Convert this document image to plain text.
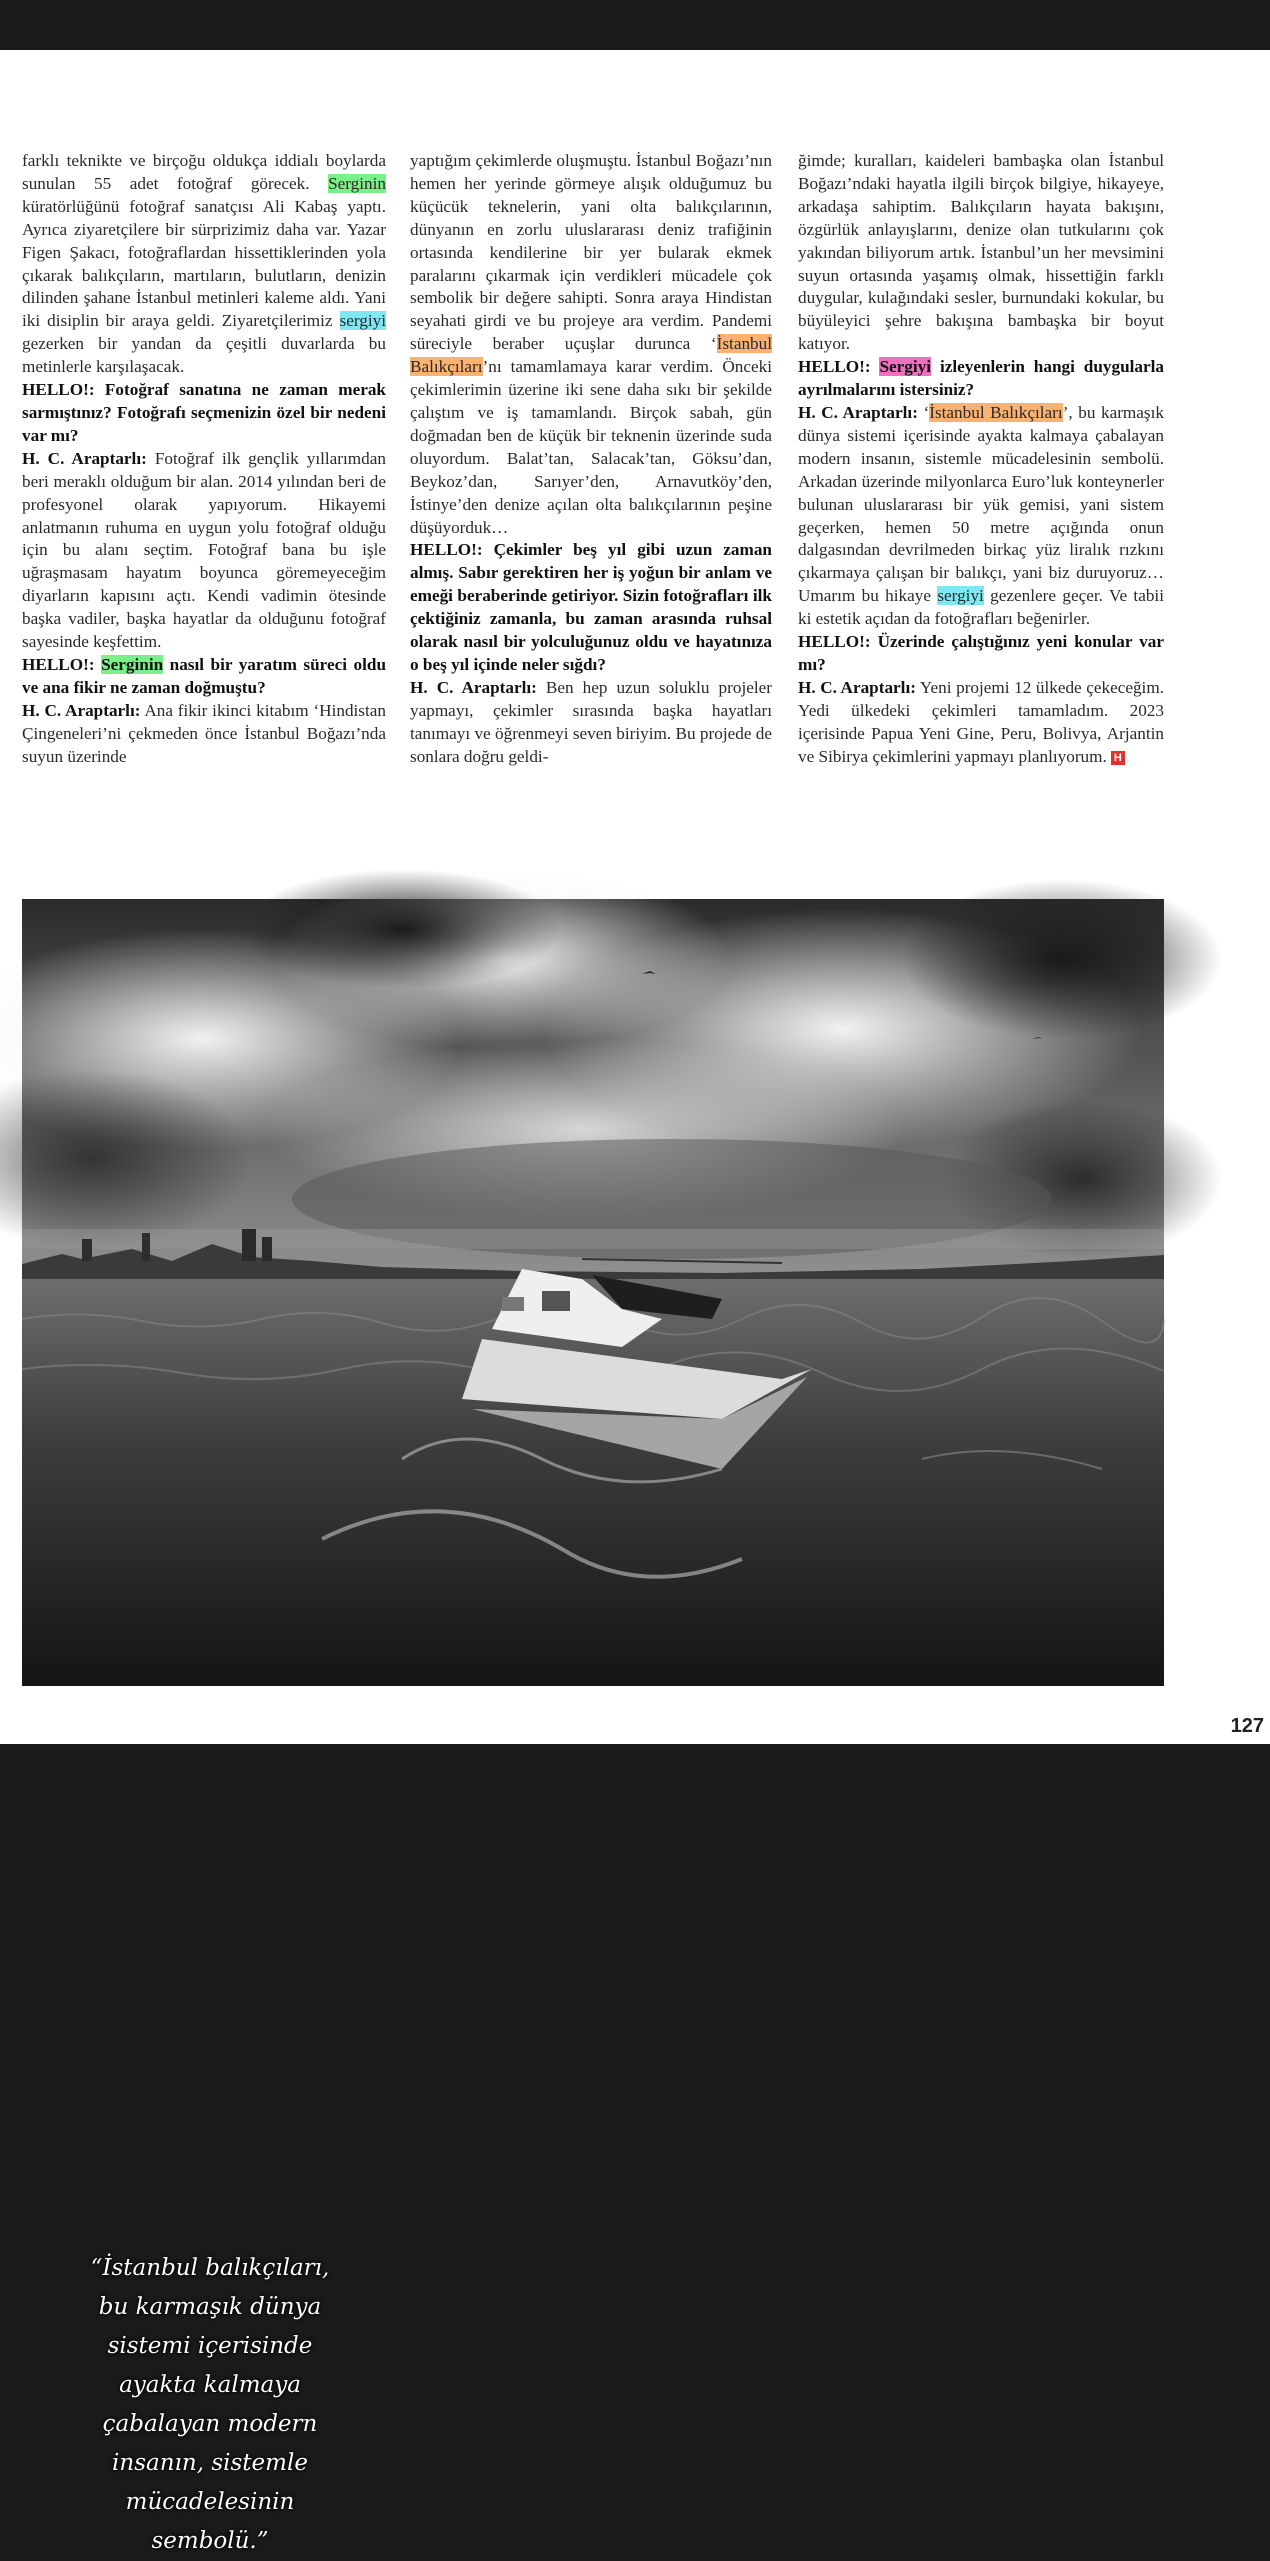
farklı teknikte ve birçoğu oldukça iddialı boylarda sunulan 55 adet fotoğraf görecek. Serginin küratörlüğünü fotoğraf sanatçısı Ali Kabaş yaptı. Ayrıca ziyaretçilere bir sürprizimiz daha var. Yazar Figen Şakacı, fotoğraflardan hissettiklerinden yola çıkarak balıkçıların, martıların, bulutların, denizin dilinden şahane İstanbul metinleri kaleme aldı. Yani iki disiplin bir araya geldi. Ziyaretçilerimiz sergiyi gezerken bir yandan da çeşitli duvarlarda bu metinlerle karşılaşacak.

HELLO!: Fotoğraf sanatına ne zaman merak sarmıştınız? Fotoğrafı seçmenizin özel bir nedeni var mı?

H. C. Araptarlı: Fotoğraf ilk gençlik yıllarımdan beri meraklı olduğum bir alan. 2014 yılından beri de profesyonel olarak yapıyorum. Hikayemi anlatmanın ruhuma en uygun yolu fotoğraf olduğu için bu alanı seçtim. Fotoğraf bana bu işle uğraşmasam hayatım boyunca göremeyeceğim diyarların kapısını açtı. Kendi vadimin ötesinde başka vadiler, başka hayatlar da olduğunu fotoğraf sayesinde keşfettim.

HELLO!: Serginin nasıl bir yaratım süreci oldu ve ana fikir ne zaman doğmuştu?

H. C. Araptarlı: Ana fikir ikinci kitabım ‘Hindistan Çingeneleri’ni çekmeden önce İstanbul Boğazı’nda suyun üzerinde

yaptığım çekimlerde oluşmuştu. İstanbul Boğazı’nın hemen her yerinde görmeye alışık olduğumuz bu küçücük teknelerin, yani olta balıkçılarının, dünyanın en zorlu uluslararası deniz trafiğinin ortasında kendilerine bir yer bularak ekmek paralarını çıkarmak için verdikleri mücadele çok sembolik bir değere sahipti. Sonra araya Hindistan seyahati girdi ve bu projeye ara verdim. Pandemi süreciyle beraber uçuşlar durunca ‘İstanbul Balıkçıları’nı tamamlamaya karar verdim. Önceki çekimlerimin üzerine iki sene daha sıkı bir şekilde çalıştım ve iş tamamlandı. Birçok sabah, gün doğmadan ben de küçük bir teknenin üzerinde suda oluyordum. Balat’tan, Salacak’tan, Göksu’dan, Beykoz’dan, Sarıyer’den, Arnavutköy’den, İstinye’den denize açılan olta balıkçılarının peşine düşüyorduk…

HELLO!: Çekimler beş yıl gibi uzun zaman almış. Sabır gerektiren her iş yoğun bir anlam ve emeği beraberinde getiriyor. Sizin fotoğrafları ilk çektiğiniz zamanla, bu zaman arasında ruhsal olarak nasıl bir yolculuğunuz oldu ve hayatınıza o beş yıl içinde neler sığdı?

H. C. Araptarlı: Ben hep uzun soluklu projeler yapmayı, çekimler sırasında başka hayatları tanımayı ve öğrenmeyi seven biriyim. Bu projede de sonlara doğru geldi-

ğimde; kuralları, kaideleri bambaşka olan İstanbul Boğazı’ndaki hayatla ilgili birçok bilgiye, hikayeye, arkadaşa sahiptim. Balıkçıların hayata bakışını, özgürlük anlayışlarını, denize olan tutkularını çok yakından biliyorum artık. İstanbul’un her mevsimini suyun ortasında yaşamış olmak, hissettiğin farklı duygular, kulağındaki sesler, burnundaki kokular, bu büyüleyici şehre bakışına bambaşka bir boyut katıyor.

HELLO!: Sergiyi izleyenlerin hangi duygularla ayrılmalarını istersiniz?

H. C. Araptarlı: ‘İstanbul Balıkçıları’, bu karmaşık dünya sistemi içerisinde ayakta kalmaya çabalayan modern insanın, sistemle mücadelesinin sembolü. Arkadan üzerinde milyonlarca Euro’luk konteynerler bulunan uluslararası bir yük gemisi, yani sistem geçerken, hemen 50 metre açığında onun dalgasından devrilmeden birkaç yüz liralık rızkını çıkarmaya çalışan bir balıkçı, yani biz duruyoruz… Umarım bu hikaye sergiyi gezenlere geçer. Ve tabii ki estetik açıdan da fotoğrafları beğenirler.

HELLO!: Üzerinde çalıştığınız yeni konular var mı?

H. C. Araptarlı: Yeni projemi 12 ülkede çekeceğim. Yedi ülkedeki çekimleri tamamladım. 2023 içerisinde Papua Yeni Gine, Peru, Bolivya, Arjantin ve Sibirya çekimlerini yapmayı planlıyorum. H

“İstanbul balıkçıları, bu karmaşık dünya sistemi içerisinde ayakta kalmaya çabalayan modern insanın, sistemle mücadelesinin sembolü.”
127
